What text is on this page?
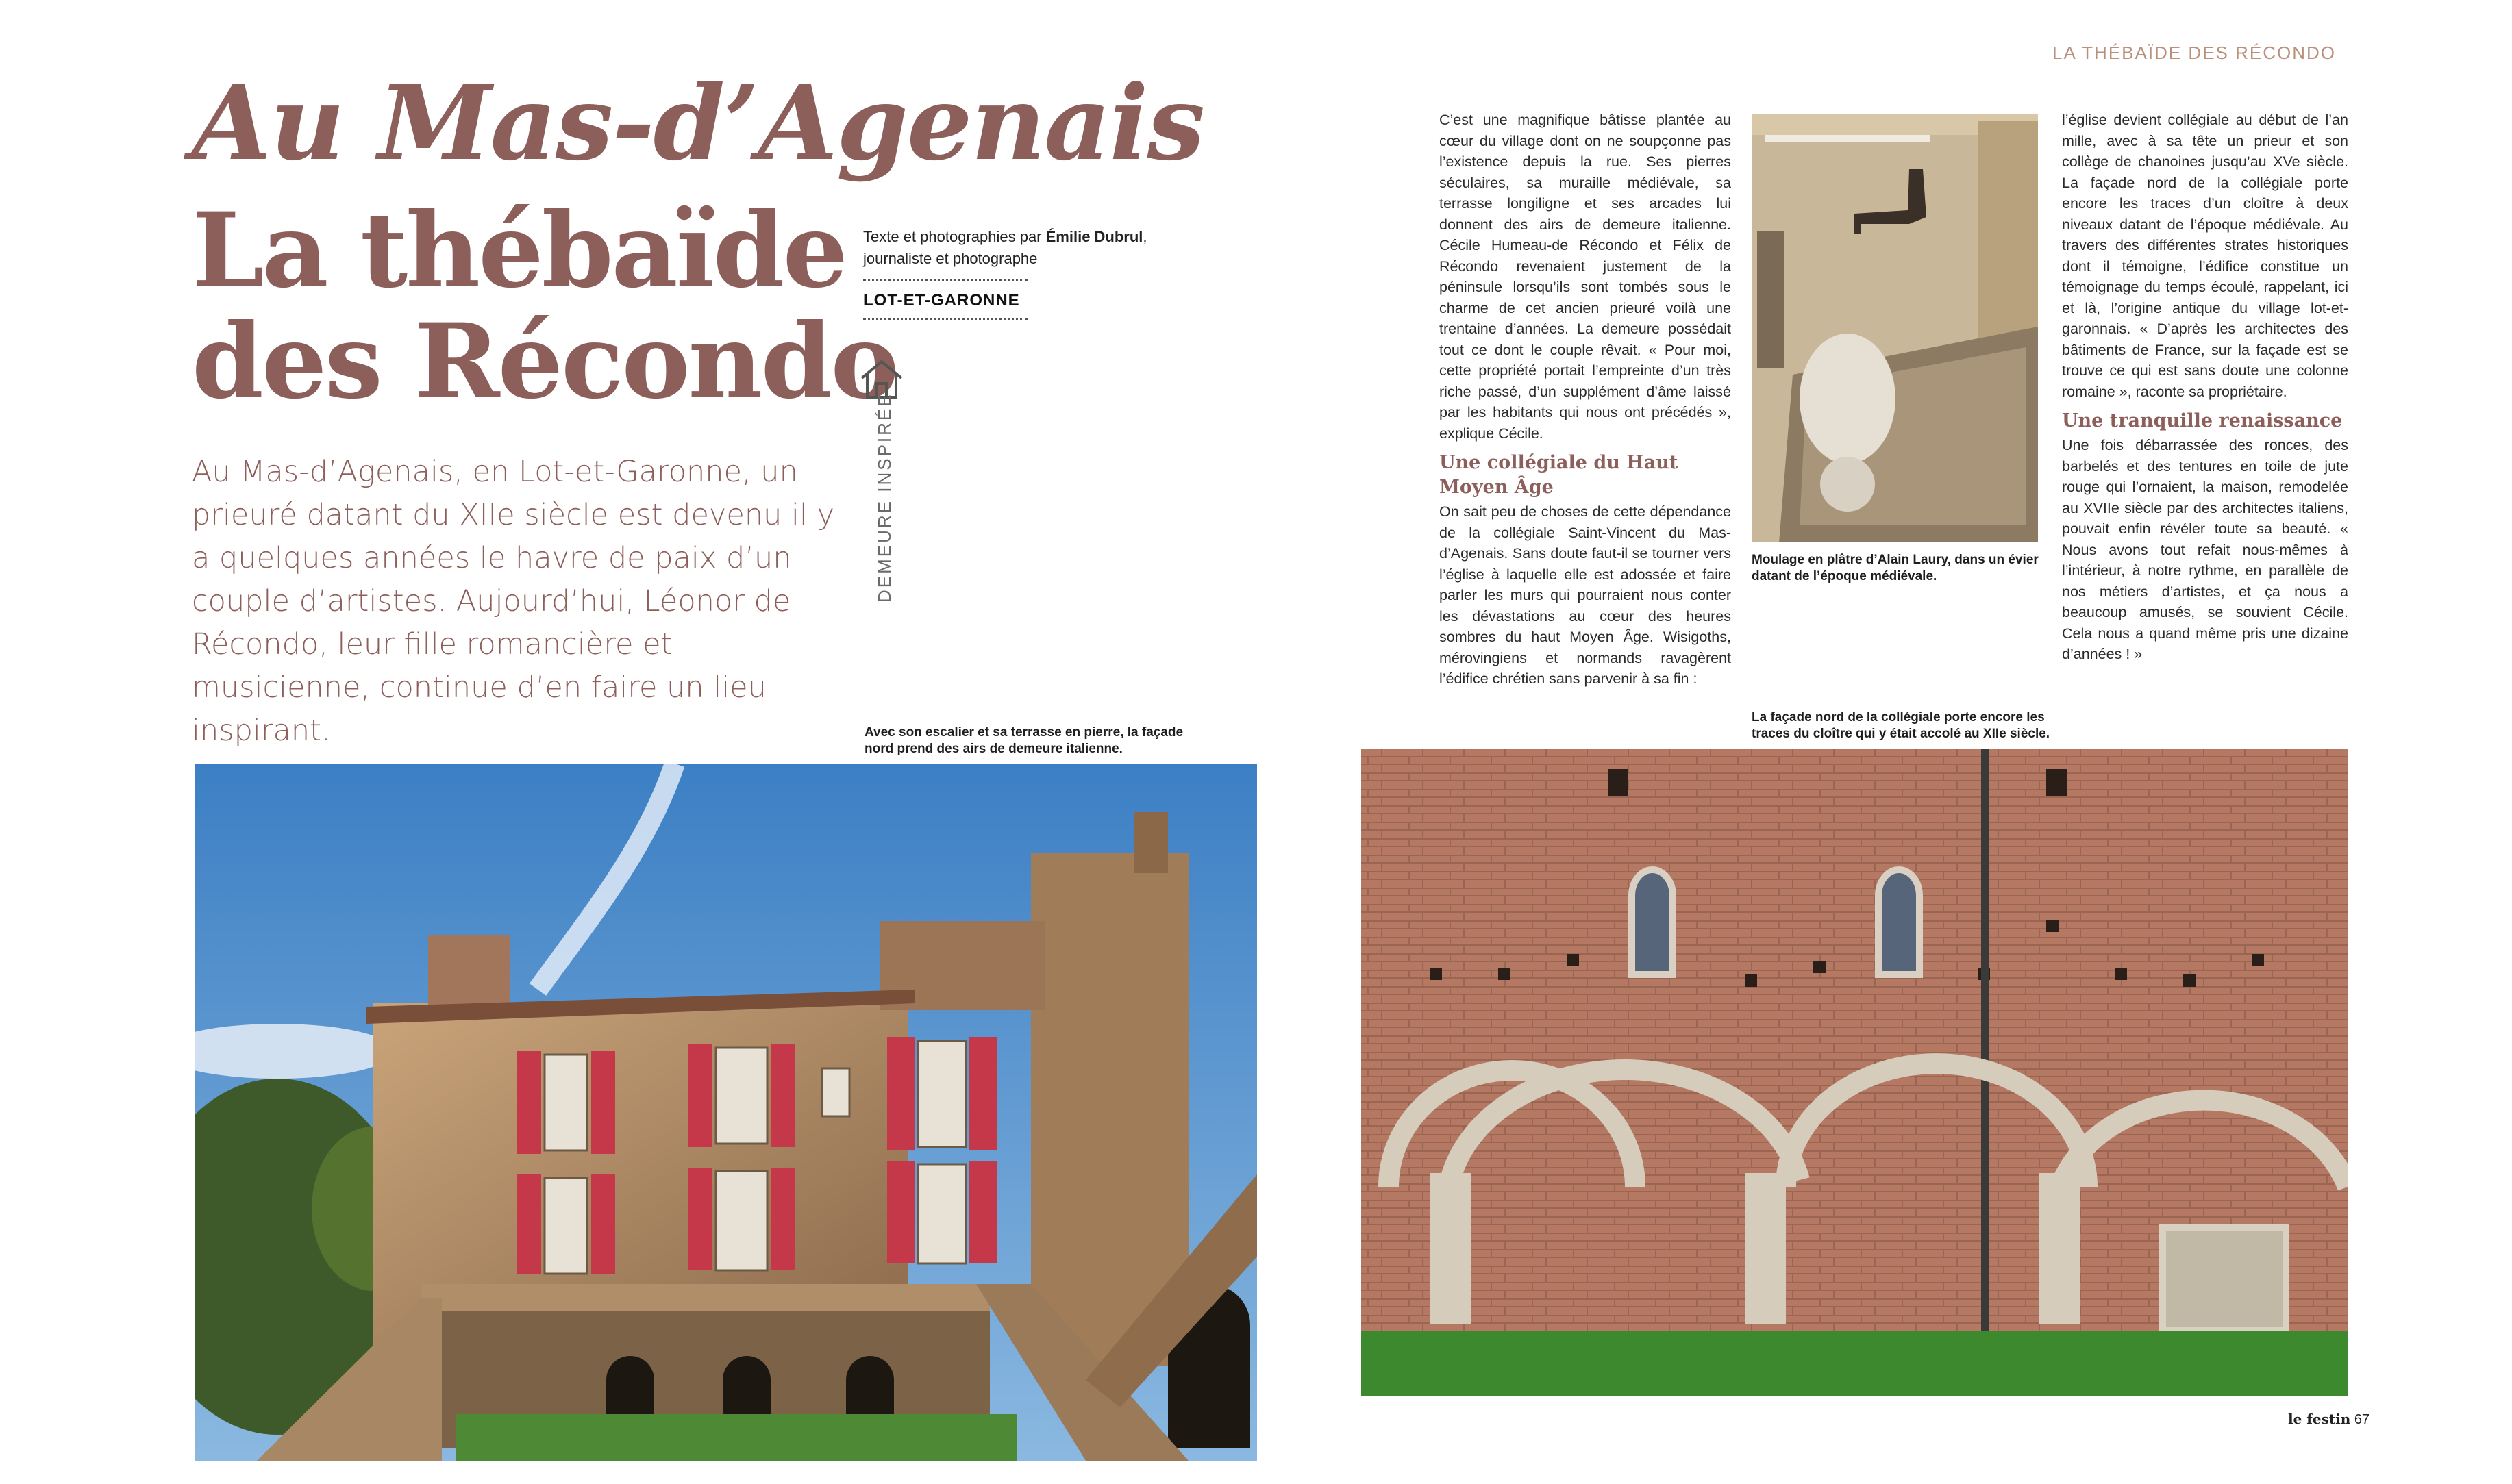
LA THÉBAÏDE DES RÉCONDO
Au Mas-d’Agenais
La thébaïde
des Récondo
Texte et photographies par Émilie Dubrul,
journaliste et photographe
LOT-ET-GARONNE
DEMEURE INSPIRÉE
Au Mas-d’Agenais, en Lot-et-Garonne, un prieuré datant du XIIe siècle est devenu il y a quelques années le havre de paix d’un couple d’artistes. Aujourd’hui, Léonor de Récondo, leur fille romancière et musicienne, continue d’en faire un lieu inspirant.	Avec son escalier et sa terrasse en pierre, la façade nord prend des airs de demeure italienne.

C’est une magnifique bâtisse plantée au cœur du village dont on ne soupçonne pas l’existence depuis la rue. Ses pierres séculaires, sa muraille médiévale, sa terrasse longiligne et ses arcades lui donnent des airs de demeure italienne. Cécile Humeau-de Récondo et Félix de Récondo revenaient justement de la péninsule lorsqu’ils sont tombés sous le charme de cet ancien prieuré voilà une trentaine d’années. La demeure possédait tout ce dont le couple rêvait. « Pour moi, cette propriété portait l’empreinte d’un très riche passé, d’un supplément d’âme laissé par les habitants qui nous ont précédés », explique Cécile.

Une collégiale du Haut Moyen Âge

On sait peu de choses de cette dépendance de la collégiale Saint-Vincent du Mas-d’Agenais. Sans doute faut-il se tourner vers l’église à laquelle elle est adossée et faire parler les murs qui pourraient nous conter les dévastations au cœur des heures sombres du haut Moyen Âge. Wisigoths, mérovingiens et normands ravagèrent l’édifice chrétien sans parvenir à sa fin :

Moulage en plâtre d’Alain Laury, dans un évier datant de l’époque médiévale.

l’église devient collégiale au début de l’an mille, avec à sa tête un prieur et son collège de chanoines jusqu’au XVe siècle. La façade nord de la collégiale porte encore les traces d’un cloître à deux niveaux datant de l’époque médiévale. Au travers des différentes strates historiques dont il témoigne, l’édifice constitue un témoignage du temps écoulé, rappelant, ici et là, l’origine antique du village lot-et-garonnais. « D’après les architectes des bâtiments de France, sur la façade est se trouve ce qui est sans doute une colonne romaine », raconte sa propriétaire.

Une tranquille renaissance

Une fois débarrassée des ronces, des barbelés et des tentures en toile de jute rouge qui l’ornaient, la maison, remodelée au XVIIe siècle par des architectes italiens, pouvait enfin révéler toute sa beauté. « Nous avons tout refait nous-mêmes à l’intérieur, à notre rythme, en parallèle de nos métiers d’artistes, et ça nous a beaucoup amusés, se souvient Cécile. Cela nous a quand même pris une dizaine d’années ! »

La façade nord de la collégiale porte encore les traces du cloître qui y était accolé au XIIe siècle.
le festin 67
